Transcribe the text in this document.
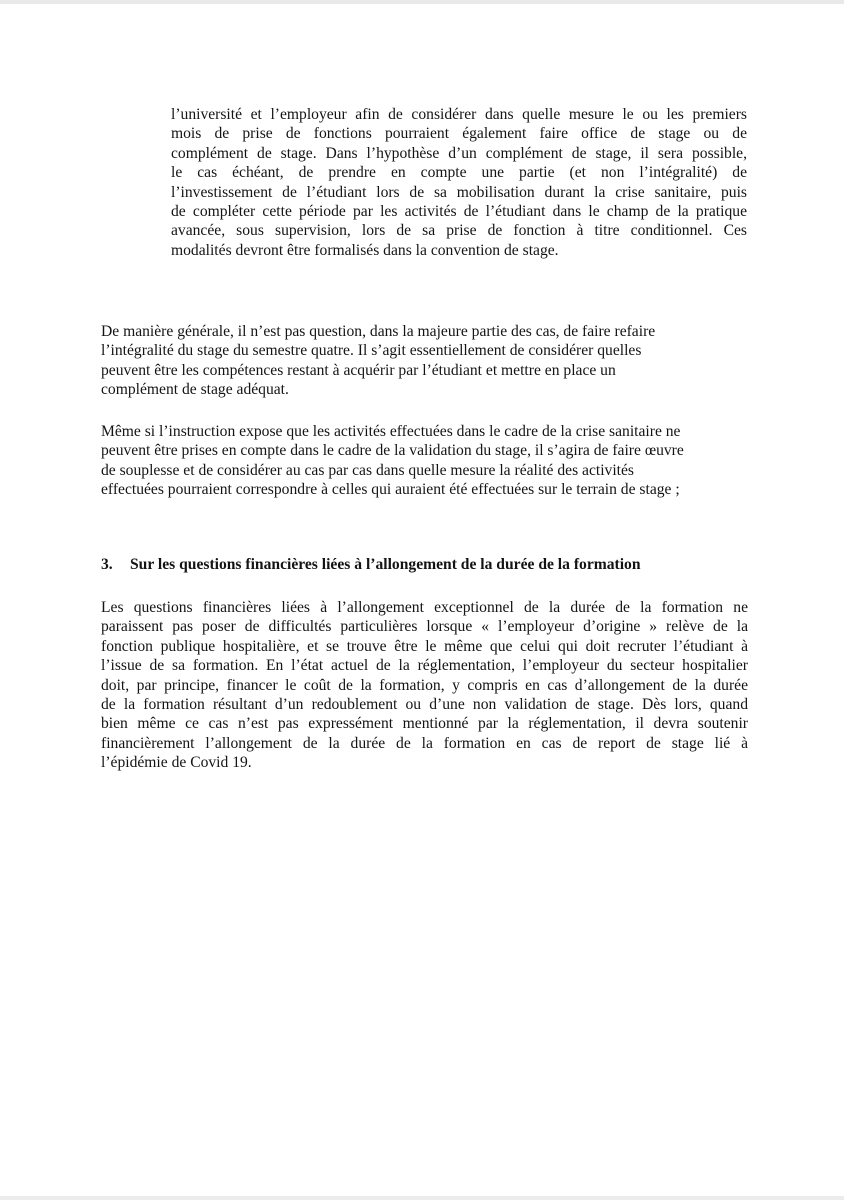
l’université et l’employeur afin de considérer dans quelle mesure le ou les premiers
mois de prise de fonctions pourraient également faire office de stage ou de
complément de stage. Dans l’hypothèse d’un complément de stage, il sera possible,
le cas échéant, de prendre en compte une partie (et non l’intégralité) de
l’investissement de l’étudiant lors de sa mobilisation durant la crise sanitaire, puis
de compléter cette période par les activités de l’étudiant dans le champ de la pratique
avancée, sous supervision, lors de sa prise de fonction à titre conditionnel. Ces
modalités devront être formalisés dans la convention de stage.
De manière générale, il n’est pas question, dans la majeure partie des cas, de faire refaire
l’intégralité du stage du semestre quatre. Il s’agit essentiellement de considérer quelles
peuvent être les compétences restant à acquérir par l’étudiant et mettre en place un
complément de stage adéquat.
Même si l’instruction expose que les activités effectuées dans le cadre de la crise sanitaire ne
peuvent être prises en compte dans le cadre de la validation du stage, il s’agira de faire œuvre
de souplesse et de considérer au cas par cas dans quelle mesure la réalité des activités
effectuées pourraient correspondre à celles qui auraient été effectuées sur le terrain de stage ;
3. Sur les questions financières liées à l’allongement de la durée de la formation
Les questions financières liées à l’allongement exceptionnel de la durée de la formation ne
paraissent pas poser de difficultés particulières lorsque « l’employeur d’origine » relève de la
fonction publique hospitalière, et se trouve être le même que celui qui doit recruter l’étudiant à
l’issue de sa formation. En l’état actuel de la réglementation, l’employeur du secteur hospitalier
doit, par principe, financer le coût de la formation, y compris en cas d’allongement de la durée
de la formation résultant d’un redoublement ou d’une non validation de stage. Dès lors, quand
bien même ce cas n’est pas expressément mentionné par la réglementation, il devra soutenir
financièrement l’allongement de la durée de la formation en cas de report de stage lié à
l’épidémie de Covid 19.
